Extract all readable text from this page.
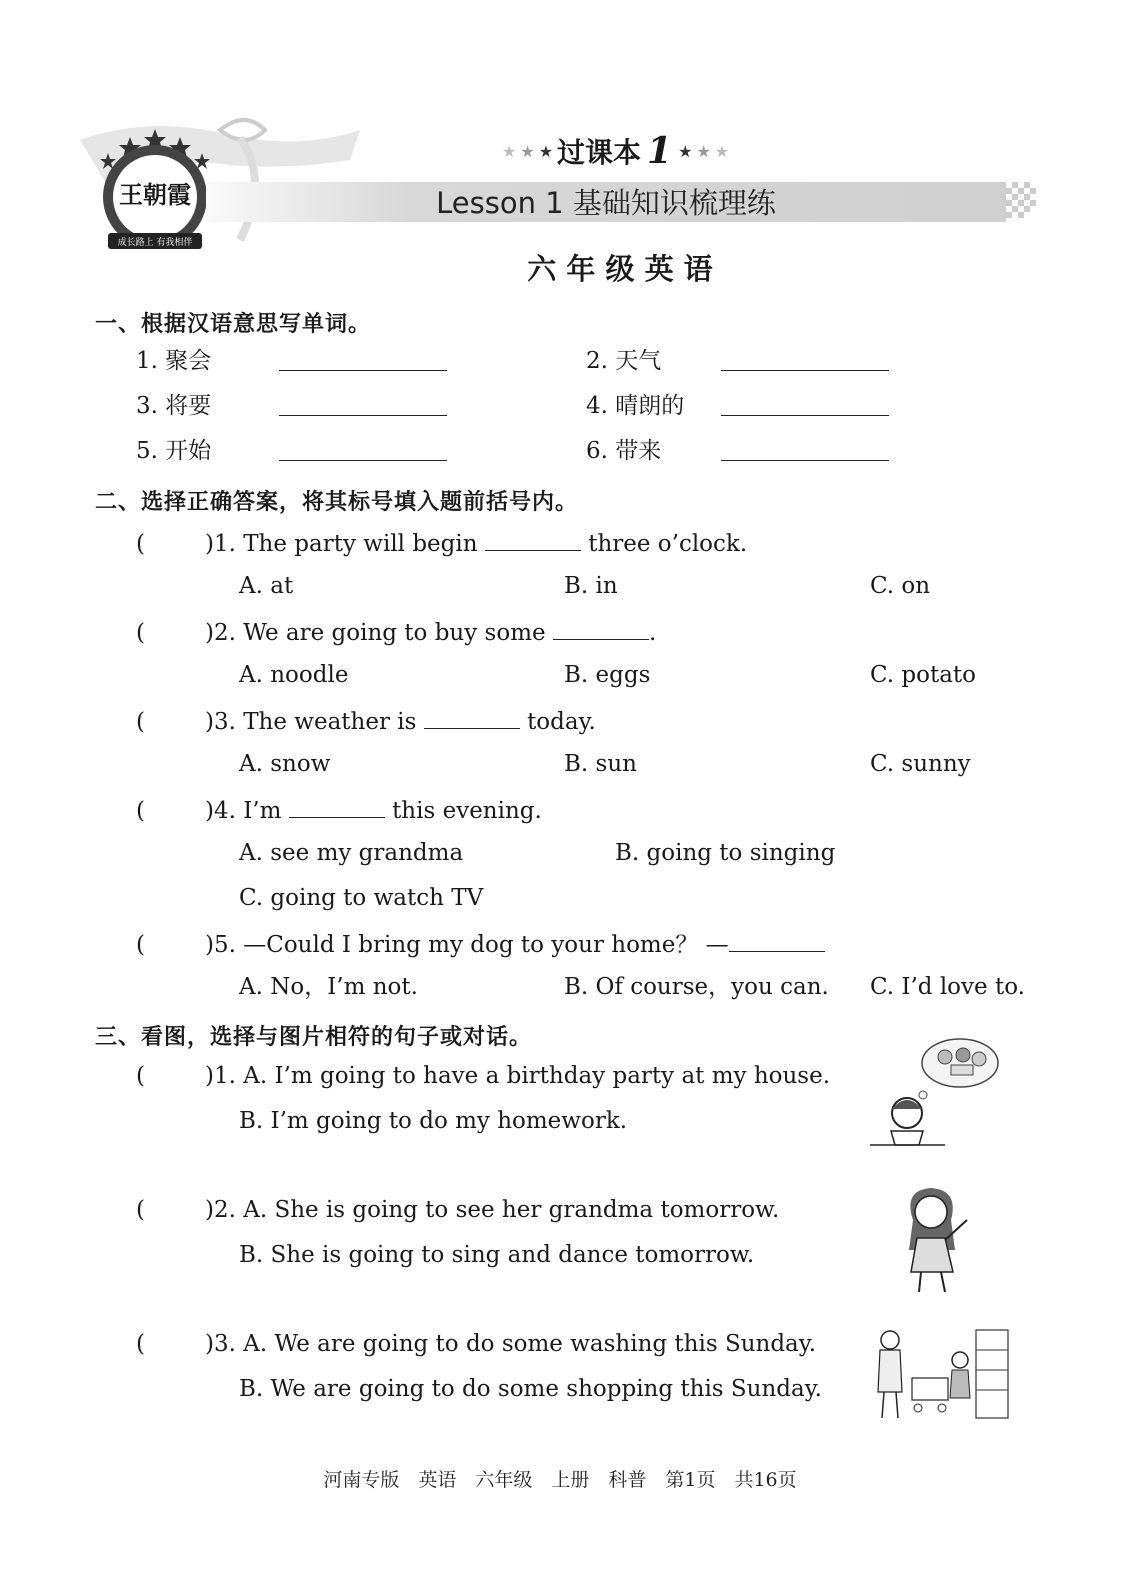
王朝霞
成长路上 有我相伴
★ ★ ★ 过课本 1 ★ ★ ★
Lesson 1 基础知识梳理练
六 年 级 英 语
一、根据汉语意思写单词。
1. 聚会	2. 天气
3. 将要	4. 晴朗的
5. 开始	6. 带来
二、选择正确答案，将其标号填入题前括号内。
(	)1. The party will begin	three o’clock.
A. at	B. in	C. on
(	)2. We are going to buy some	.
A. noodle	B. eggs	C. potato
(	)3. The weather is	today.
A. snow	B. sun	C. sunny
(	)4. I’m	this evening.
A. see my grandma	B. going to singing
C. going to watch TV
(	)5. —Could I bring my dog to your home？ —
A. No，I’m not.	B. Of course，you can. C. I’d love to.
三、看图，选择与图片相符的句子或对话。
(	)1. A. I’m going to have a birthday party at my house.
B. I’m going to do my homework.
(	)2. A. She is going to see her grandma tomorrow.
B. She is going to sing and dance tomorrow.
(	)3. A. We are going to do some washing this Sunday.
B. We are going to do some shopping this Sunday.
河南专版　英语　六年级　上册　科普　第1页　共16页
